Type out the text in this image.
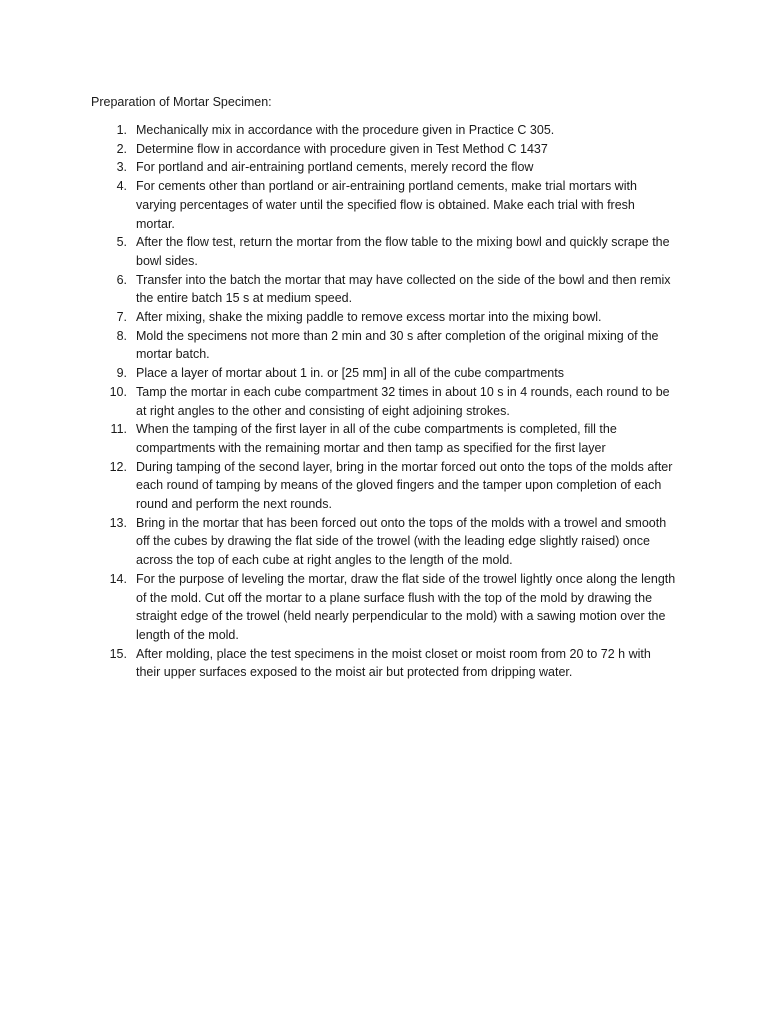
Preparation of Mortar Specimen:
1. Mechanically mix in accordance with the procedure given in Practice C 305.
2. Determine flow in accordance with procedure given in Test Method C 1437
3. For portland and air-entraining portland cements, merely record the flow
4. For cements other than portland or air-entraining portland cements, make trial mortars with varying percentages of water until the specified flow is obtained. Make each trial with fresh mortar.
5. After the flow test, return the mortar from the flow table to the mixing bowl and quickly scrape the bowl sides.
6. Transfer into the batch the mortar that may have collected on the side of the bowl and then remix the entire batch 15 s at medium speed.
7. After mixing, shake the mixing paddle to remove excess mortar into the mixing bowl.
8. Mold the specimens not more than 2 min and 30 s after completion of the original mixing of the mortar batch.
9. Place a layer of mortar about 1 in. or [25 mm] in all of the cube compartments
10. Tamp the mortar in each cube compartment 32 times in about 10 s in 4 rounds, each round to be at right angles to the other and consisting of eight adjoining strokes.
11. When the tamping of the first layer in all of the cube compartments is completed, fill the compartments with the remaining mortar and then tamp as specified for the first layer
12. During tamping of the second layer, bring in the mortar forced out onto the tops of the molds after each round of tamping by means of the gloved fingers and the tamper upon completion of each round and perform the next rounds.
13. Bring in the mortar that has been forced out onto the tops of the molds with a trowel and smooth off the cubes by drawing the flat side of the trowel (with the leading edge slightly raised) once across the top of each cube at right angles to the length of the mold.
14. For the purpose of leveling the mortar, draw the flat side of the trowel lightly once along the length of the mold. Cut off the mortar to a plane surface flush with the top of the mold by drawing the straight edge of the trowel (held nearly perpendicular to the mold) with a sawing motion over the length of the mold.
15. After molding, place the test specimens in the moist closet or moist room from 20 to 72 h with their upper surfaces exposed to the moist air but protected from dripping water.
